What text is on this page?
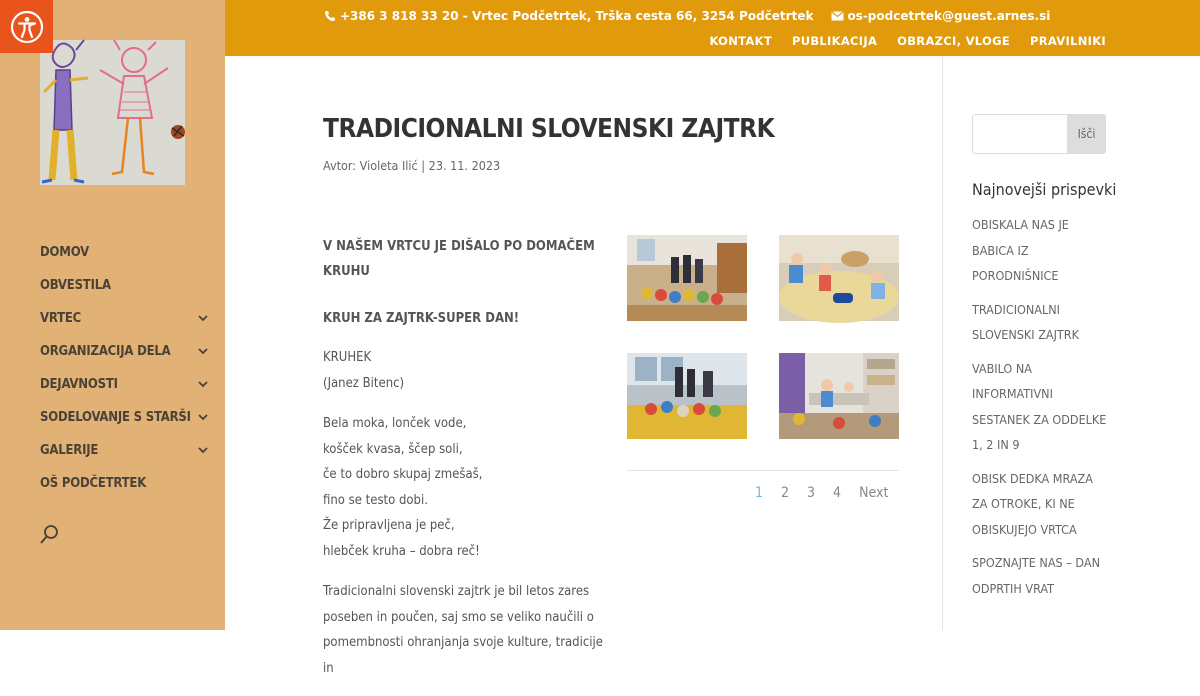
DOMOV
OBVESTILA
VRTEC
ORGANIZACIJA DELA
DEJAVNOSTI
SODELOVANJE S STARŠI
GALERIJE
OŠ PODČETRTEK
+386 3 818 33 20 - Vrtec Podčetrtek, Trška cesta 66, 3254 Podčetrtek	os-podcetrtek@guest.arnes.si
KONTAKT PUBLIKACIJA OBRAZCI, VLOGE PRAVILNIKI
TRADICIONALNI SLOVENSKI ZAJTRK
Avtor: Violeta Ilić | 23. 11. 2023
V NAŠEM VRTCU JE DIŠALO PO DOMAČEM KRUHU
KRUH ZA ZAJTRK-SUPER DAN!
KRUHEK
(Janez Bitenc)
Bela moka, lonček vode,
košček kvasa, ščep soli,
če to dobro skupaj zmešaš,
fino se testo dobi.
Že pripravljena je peč,
hlebček kruha – dobra reč!
Tradicionalni slovenski zajtrk je bil letos zares poseben in poučen, saj smo se veliko naučili o pomembnosti ohranjanja svoje kulture, tradicije in
1 2 3 4 Next
Išči
Najnovejši prispevki
OBISKALA NAS JE
BABICA IZ
PORODNIŠNICE
TRADICIONALNI
SLOVENSKI ZAJTRK
VABILO NA
INFORMATIVNI
SESTANEK ZA ODDELKE
1, 2 IN 9
OBISK DEDKA MRAZA
ZA OTROKE, KI NE
OBISKUJEJO VRTCA
SPOZNAJTE NAS – DAN
ODPRTIH VRAT
